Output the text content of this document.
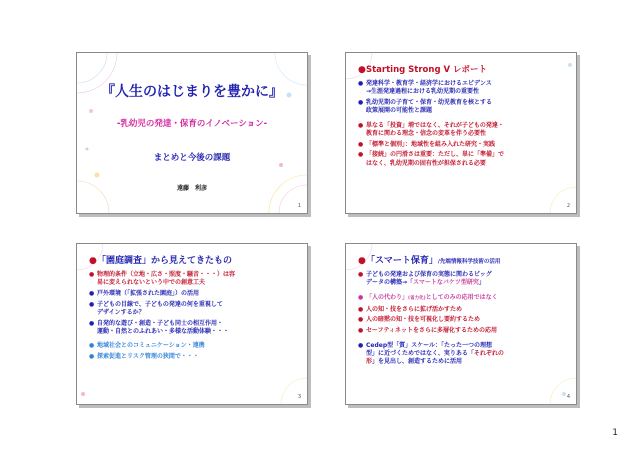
『人生のはじまりを豊かに』
-乳幼児の発達・保育のイノベーション-
まとめと今後の課題
遠藤　利彦
1
● Starting Strong Ⅴ レポート
● 発達科学・教育学・経済学におけるエビデンス
→生涯発達過程における乳幼児期の重要性
● 乳幼児期の子育て・保育・幼児教育を核とする
政策展開の可能性と課題
● 単なる「投資」増ではなく、それが子どもの発達・
教育に関わる理念・信念の変革を伴う必要性
● 「標準と個別」：地域性を組み入れた研究・実践
● 「接続」の円滑さは重要：ただし、単に「準備」で
はなく、乳幼児期の固有性が担保される必要
2
● 「園庭調査」から見えてきたもの
● 物理的条件（立地・広さ・照度・騒音・・・）は容
易に変えられないという中での創意工夫
● 戸外環境（「拡張された園庭」）の活用
● 子どもの目線で、子どもの発達の何を重視して
デザインするか？
● 自発的な遊び・創造・子ども同士の相互作用・
運動・自然とのふれあい・多様な活動体験・・・
● 地域社会とのコミュニケーション・連携
● 探索促進とリスク管理の狭間で・・・
3
● 「スマート保育」 /先端情報科学技術の活用
● 子どもの発達および保育の実態に関わるビッグ
データの構築→「スマートなバケツ型研究」
● 「人の代わり」(省力化)としてのみの応用ではなく
● 人の知・技をさらに拡げ活かすため
● 人の暗黙の知・技を可視化し要約するため
● セーフティネットをさらに多層化するための応用
● Cedep型「質」スケール：「たった一つの理想
型」に近づくためではなく、実りある「それぞれの
形」を見出し、創造するために活用
4
1
